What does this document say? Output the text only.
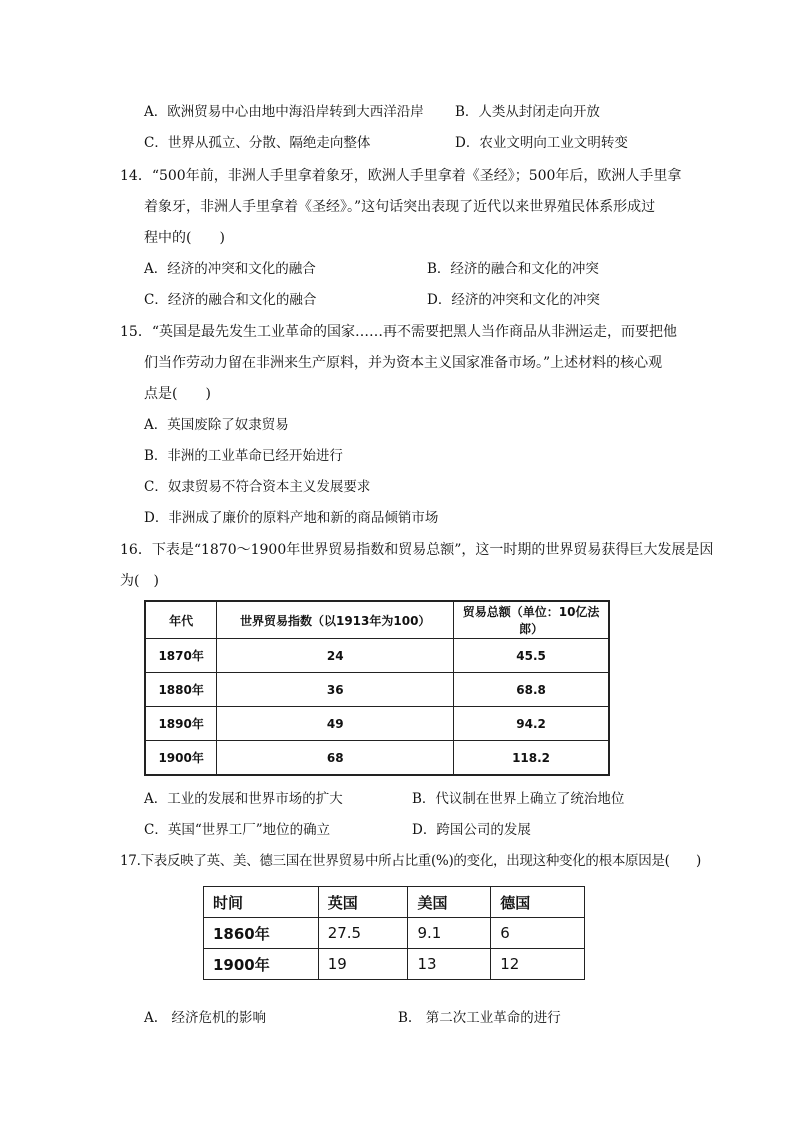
A．欧洲贸易中心由地中海沿岸转到大西洋沿岸 B．人类从封闭走向开放
C．世界从孤立、分散、隔绝走向整体	D．农业文明向工业文明转变
14．“500年前，非洲人手里拿着象牙，欧洲人手里拿着《圣经》；500年后，欧洲人手里拿
着象牙，非洲人手里拿着《圣经》。”这句话突出表现了近代以来世界殖民体系形成过
程中的(　　)
A．经济的冲突和文化的融合	B．经济的融合和文化的冲突
C．经济的融合和文化的融合	D．经济的冲突和文化的冲突
15．“英国是最先发生工业革命的国家……再不需要把黑人当作商品从非洲运走，而要把他
们当作劳动力留在非洲来生产原料，并为资本主义国家准备市场。”上述材料的核心观
点是(　　)
A．英国废除了奴隶贸易
B．非洲的工业革命已经开始进行
C．奴隶贸易不符合资本主义发展要求
D．非洲成了廉价的原料产地和新的商品倾销市场
16．下表是“1870～1900年世界贸易指数和贸易总额”，这一时期的世界贸易获得巨大发展是因
为(　)
年代	世界贸易指数（以1913年为100）	贸易总额（单位：10亿法郎）
1870年	24	45.5
1880年	36	68.8
1890年	49	94.2
1900年	68	118.2
A．工业的发展和世界市场的扩大	B．代议制在世界上确立了统治地位
C．英国“世界工厂”地位的确立	D．跨国公司的发展
17.下表反映了英、美、德三国在世界贸易中所占比重(%)的变化，出现这种变化的根本原因是(　　)
时间	英国	美国	德国
1860年	27.5	9.1	6
1900年	19	13	12
A.　经济危机的影响	B.　第二次工业革命的进行
